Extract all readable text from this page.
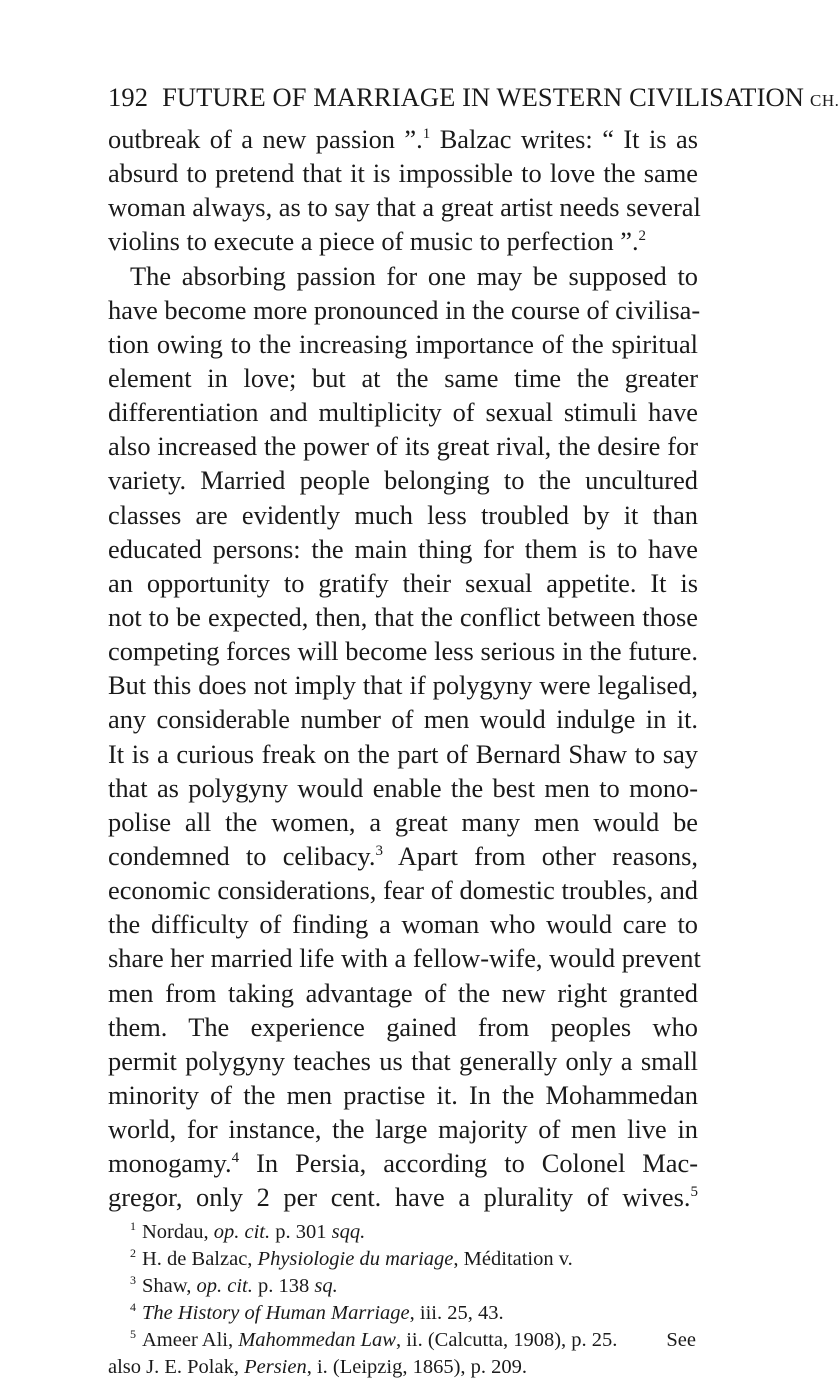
192 FUTURE OF MARRIAGE IN WESTERN CIVILISATION CH.
outbreak of a new passion ”.$^1$ Balzac writes: “ It is as
absurd to pretend that it is impossible to love the same
woman always, as to say that a great artist needs several
violins to execute a piece of music to perfection ”.$^2$
The absorbing passion for one may be supposed to
have become more pronounced in the course of civilisa-
tion owing to the increasing importance of the spiritual
element in love; but at the same time the greater
differentiation and multiplicity of sexual stimuli have
also increased the power of its great rival, the desire for
variety. Married people belonging to the uncultured
classes are evidently much less troubled by it than
educated persons: the main thing for them is to have
an opportunity to gratify their sexual appetite. It is
not to be expected, then, that the conflict between those
competing forces will become less serious in the future.
But this does not imply that if polygyny were legalised,
any considerable number of men would indulge in it.
It is a curious freak on the part of Bernard Shaw to say
that as polygyny would enable the best men to mono-
polise all the women, a great many men would be
condemned to celibacy.$^3$ Apart from other reasons,
economic considerations, fear of domestic troubles, and
the difficulty of finding a woman who would care to
share her married life with a fellow-wife, would prevent
men from taking advantage of the new right granted
them. The experience gained from peoples who
permit polygyny teaches us that generally only a small
minority of the men practise it. In the Mohammedan
world, for instance, the large majority of men live in
monogamy.$^4$ In Persia, according to Colonel Mac-
gregor, only 2 per cent. have a plurality of wives.$^5$
$^1$ Nordau, op. cit. p. 301 sqq.
$^2$ H. de Balzac, Physiologie du mariage, Méditation v.
$^3$ Shaw, op. cit. p. 138 sq.
$^4$ The History of Human Marriage, iii. 25, 43.
$^5$ Ameer Ali, Mahommedan Law, ii. (Calcutta, 1908), p. 25. See
also J. E. Polak, Persien, i. (Leipzig, 1865), p. 209.
